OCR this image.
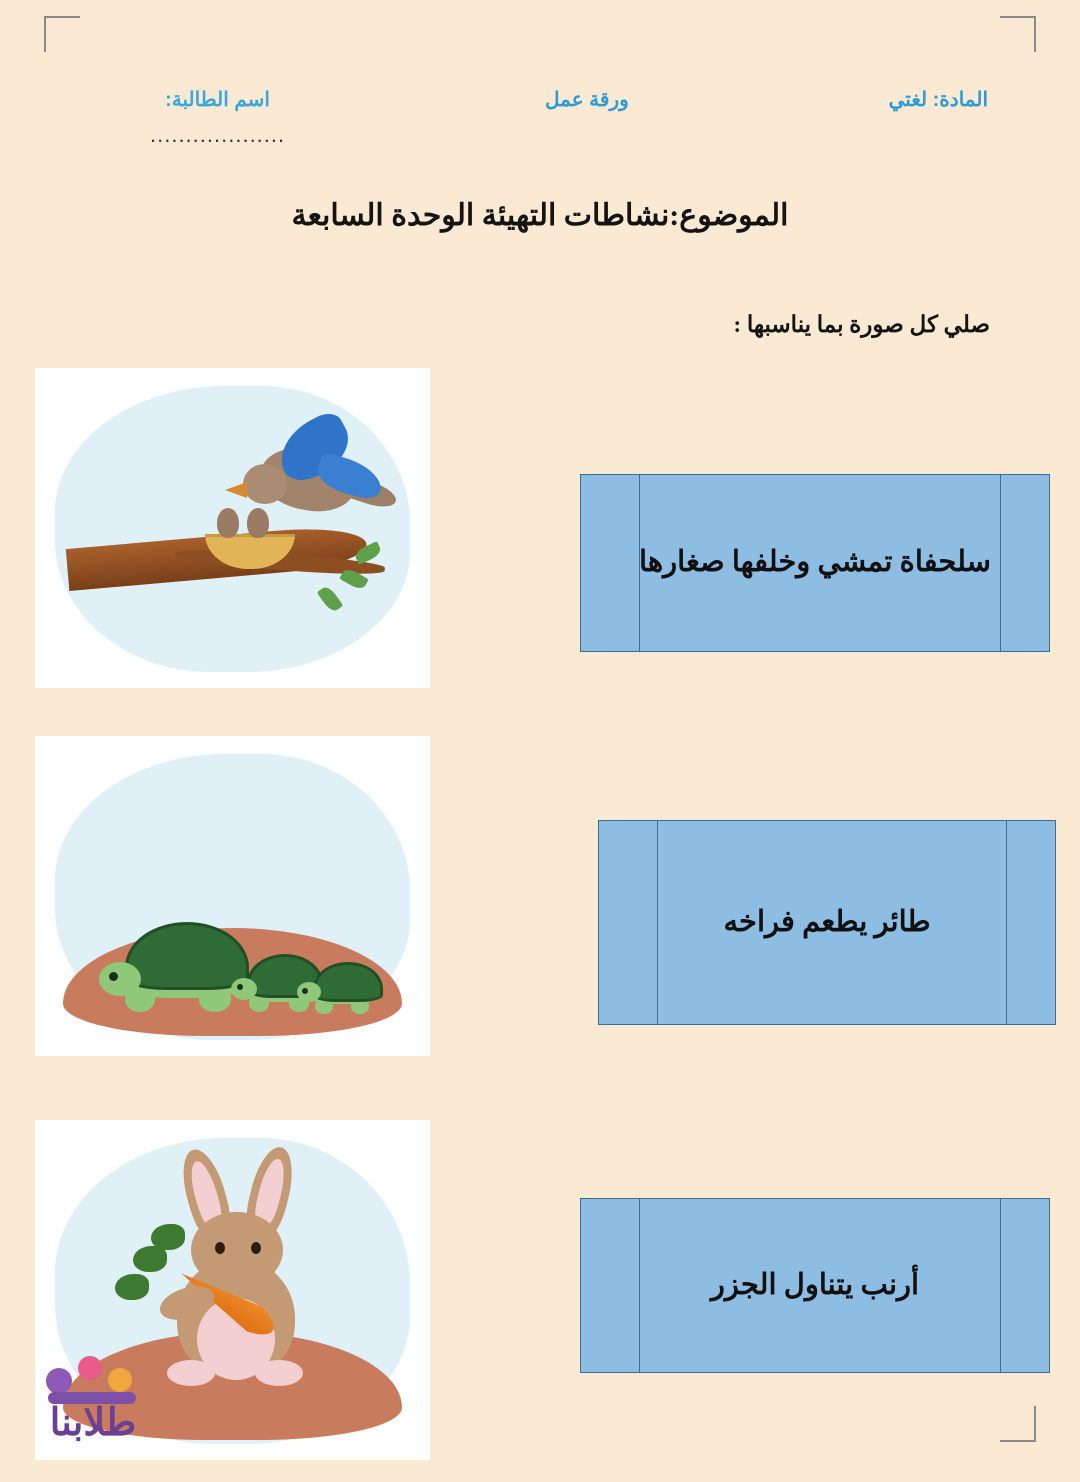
المادة: لغتي
ورقة عمل
اسم الطالبة:
...................
الموضوع:نشاطات التهيئة الوحدة السابعة
صلي كل صورة بما يناسبها :
سلحفاة تمشي وخلفها صغارها
طائر يطعم فراخه
أرنب يتناول الجزر
طلابنا
